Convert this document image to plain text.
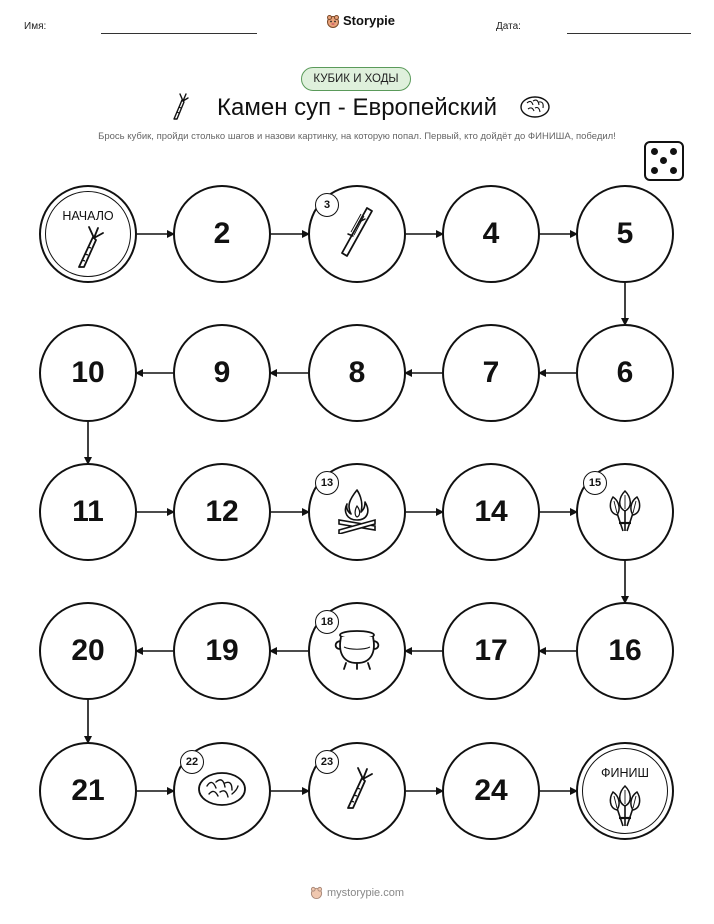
Имя:	Storypie	Дата:
КУБИК И ХОДЫ
Камен суп - Европейский
Брось кубик, пройди столько шагов и назови картинку, на которую попал. Первый, кто дойдёт до ФИНИША, победил!
НАЧАЛО
2
3
4	5
6
7
8
9
10
11	12
13
14
15
16
17
18
19
20
21
22	23
24
ФИНИШ
mystorypie.com
